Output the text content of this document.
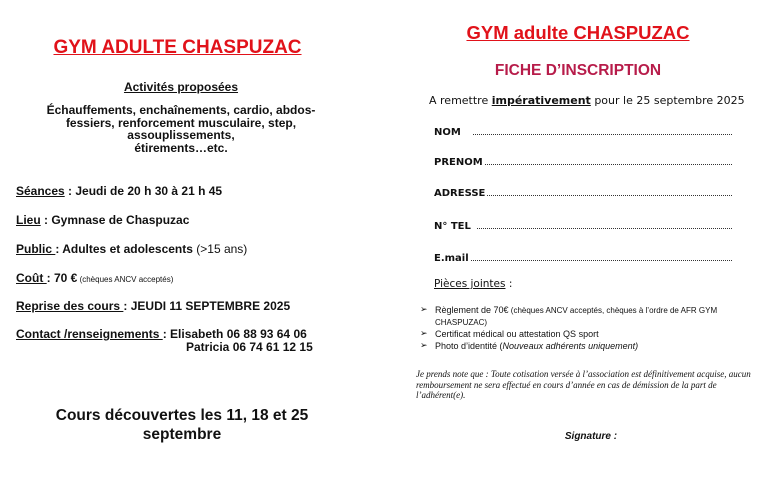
GYM ADULTE CHASPUZAC
Activités proposées
Échauffements, enchaînements, cardio, abdos-
fessiers, renforcement musculaire, step,
assouplissements,
étirements…etc.
Séances : Jeudi de 20 h 30 à 21 h 45
Lieu : Gymnase de Chaspuzac
Public : Adultes et adolescents (>15 ans)
Coût : 70 € (chèques ANCV acceptés)
Reprise des cours : JEUDI 11 SEPTEMBRE 2025
Contact /renseignements : Elisabeth 06 88 93 64 06
Patricia 06 74 61 12 15
Cours découvertes les 11, 18 et 25
septembre
GYM adulte CHASPUZAC
FICHE D’INSCRIPTION
A remettre impérativement pour le 25 septembre 2025
NOM
PRENOM
ADRESSE
N° TEL
E.mail
Pièces jointes :
➢ Règlement de 70€ (chèques ANCV acceptés, chèques à l’ordre de AFR GYM CHASPUZAC)
➢ Certificat médical ou attestation QS sport
➢ Photo d’identité (Nouveaux adhérents uniquement)
Je prends note que : Toute cotisation versée à l’association est définitivement acquise, aucun remboursement ne sera effectué en cours d’année en cas de démission de la part de l’adhérent(e).
Signature :
